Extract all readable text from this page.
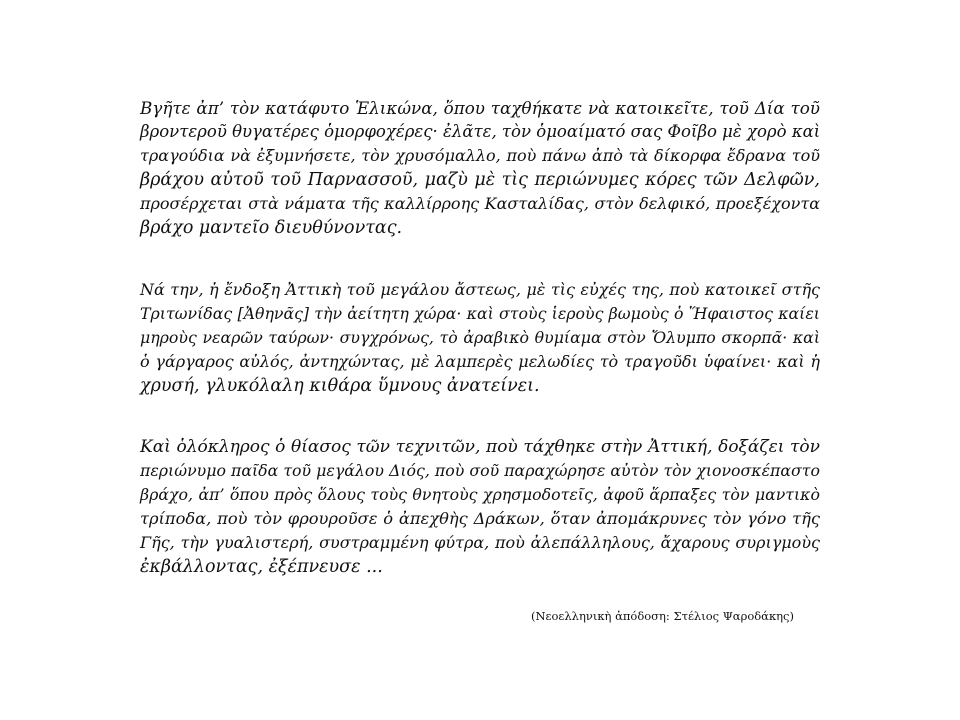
Βγῆτε ἀπ’ τὸν κατάφυτο Ἑλικώνα, ὅπου ταχθήκατε νὰ κατοικεῖτε, τοῦ Δία τοῦ
βροντεροῦ θυγατέρες ὁμορφοχέρες· ἐλᾶτε, τὸν ὁμοαίματό σας Φοῖβο μὲ χορὸ καὶ
τραγούδια νὰ ἐξυμνήσετε, τὸν χρυσόμαλλο, ποὺ πάνω ἀπὸ τὰ δίκορφα ἔδρανα τοῦ
βράχου αὐτοῦ τοῦ Παρνασσοῦ, μαζὺ μὲ τὶς περιώνυμες κόρες τῶν Δελφῶν,
προσέρχεται στὰ νάματα τῆς καλλίρροης Κασταλίδας, στὸν δελφικό, προεξέχοντα
βράχο μαντεῖο διευθύνοντας.
Νά την, ἡ ἔνδοξη Ἀττικὴ τοῦ μεγάλου ἄστεως, μὲ τὶς εὐχές της, ποὺ κατοικεῖ στῆς
Τριτωνίδας [Ἀθηνᾶς] τὴν ἀείτητη χώρα· καὶ στοὺς ἱεροὺς βωμοὺς ὁ Ἥφαιστος καίει
μηροὺς νεαρῶν ταύρων· συγχρόνως, τὸ ἀραβικὸ θυμίαμα στὸν Ὄλυμπο σκορπᾶ· καὶ
ὁ γάργαρος αὐλός, ἀντηχώντας, μὲ λαμπερὲς μελωδίες τὸ τραγοῦδι ὑφαίνει· καὶ ἡ
χρυσή, γλυκόλαλη κιθάρα ὕμνους ἀνατείνει.
Καὶ ὁλόκληρος ὁ θίασος τῶν τεχνιτῶν, ποὺ τάχθηκε στὴν Ἀττική, δοξάζει τὸν
περιώνυμο παῖδα τοῦ μεγάλου Διός, ποὺ σοῦ παραχώρησε αὐτὸν τὸν χιονοσκέπαστο
βράχο, ἀπ’ ὅπου πρὸς ὅλους τοὺς θνητοὺς χρησμοδοτεῖς, ἀφοῦ ἅρπαξες τὸν μαντικὸ
τρίποδα, ποὺ τὸν φρουροῦσε ὁ ἀπεχθὴς Δράκων, ὅταν ἀπομάκρυνες τὸν γόνο τῆς
Γῆς, τὴν γυαλιστερή, συστραμμένη φύτρα, ποὺ ἀλεπάλληλους, ἄχαρους συριγμοὺς
ἐκβάλλοντας, ἐξέπνευσε ...
(Νεοελληνικὴ ἀπόδοση: Στέλιος Ψαροδάκης)
